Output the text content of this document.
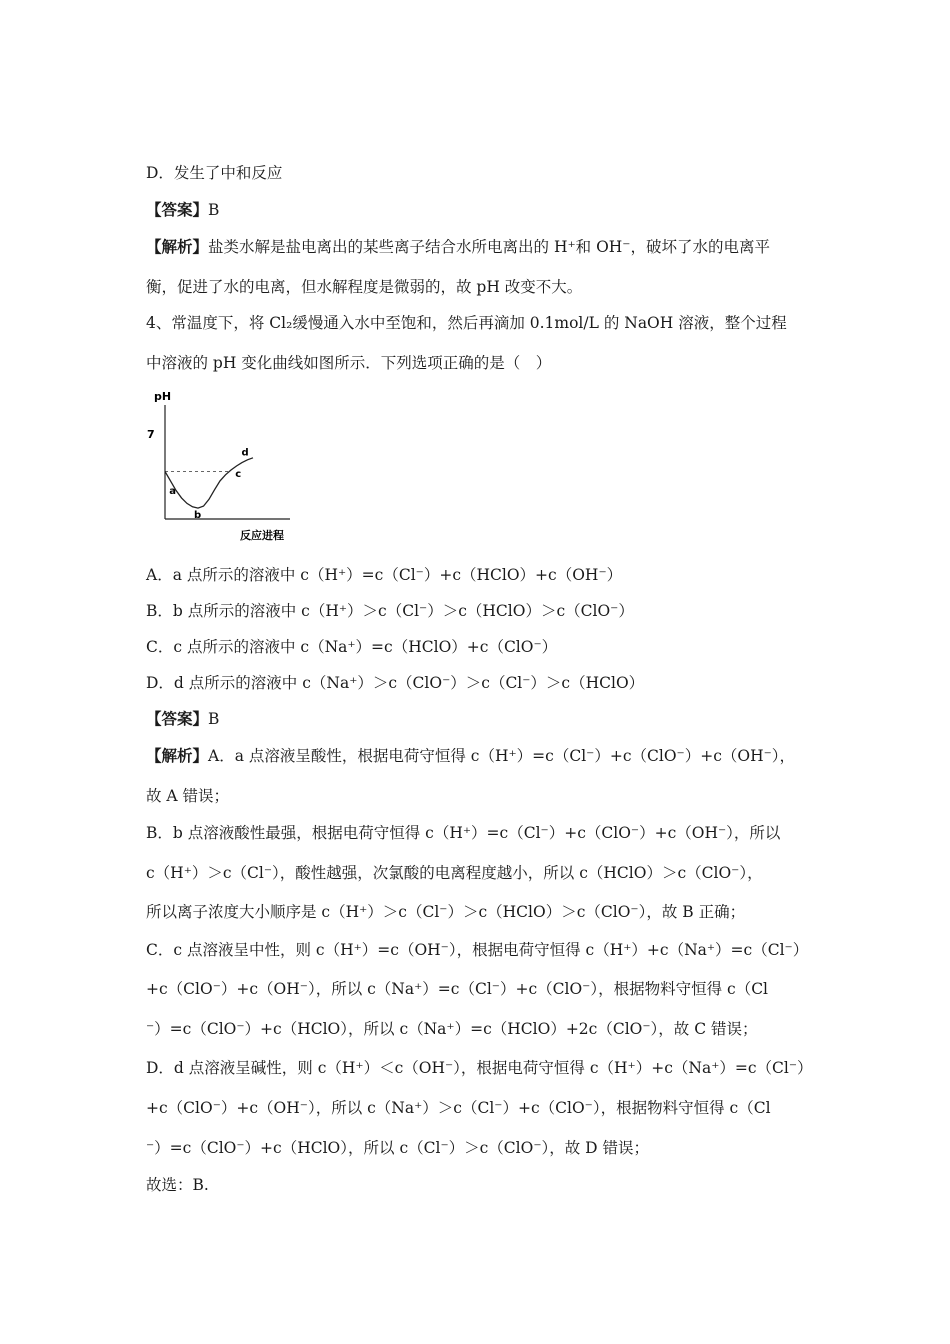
D．发生了中和反应
【答案】B
【解析】盐类水解是盐电离出的某些离子结合水所电离出的 H⁺和 OH⁻，破坏了水的电离平
衡，促进了水的电离，但水解程度是微弱的，故 pH 改变不大。
4、常温度下，将 Cl₂缓慢通入水中至饱和，然后再滴加 0.1mol/L 的 NaOH 溶液，整个过程
中溶液的 pH 变化曲线如图所示．下列选项正确的是（　）
pH
7
a
b
c
d
反应进程
A．a 点所示的溶液中 c（H⁺）=c（Cl⁻）+c（HClO）+c（OH⁻）
B．b 点所示的溶液中 c（H⁺）＞c（Cl⁻）＞c（HClO）＞c（ClO⁻）
C．c 点所示的溶液中 c（Na⁺）=c（HClO）+c（ClO⁻）
D．d 点所示的溶液中 c（Na⁺）＞c（ClO⁻）＞c（Cl⁻）＞c（HClO）
【答案】B
【解析】A．a 点溶液呈酸性，根据电荷守恒得 c（H⁺）=c（Cl⁻）+c（ClO⁻）+c（OH⁻），
故 A 错误；
B．b 点溶液酸性最强，根据电荷守恒得 c（H⁺）=c（Cl⁻）+c（ClO⁻）+c（OH⁻），所以
c（H⁺）＞c（Cl⁻），酸性越强，次氯酸的电离程度越小，所以 c（HClO）＞c（ClO⁻），
所以离子浓度大小顺序是 c（H⁺）＞c（Cl⁻）＞c（HClO）＞c（ClO⁻），故 B 正确；
C．c 点溶液呈中性，则 c（H⁺）=c（OH⁻），根据电荷守恒得 c（H⁺）+c（Na⁺）=c（Cl⁻）
+c（ClO⁻）+c（OH⁻），所以 c（Na⁺）=c（Cl⁻）+c（ClO⁻），根据物料守恒得 c（Cl
⁻）=c（ClO⁻）+c（HClO），所以 c（Na⁺）=c（HClO）+2c（ClO⁻），故 C 错误；
D．d 点溶液呈碱性，则 c（H⁺）＜c（OH⁻），根据电荷守恒得 c（H⁺）+c（Na⁺）=c（Cl⁻）
+c（ClO⁻）+c（OH⁻），所以 c（Na⁺）＞c（Cl⁻）+c（ClO⁻），根据物料守恒得 c（Cl
⁻）=c（ClO⁻）+c（HClO），所以 c（Cl⁻）＞c（ClO⁻），故 D 错误；
故选：B.
